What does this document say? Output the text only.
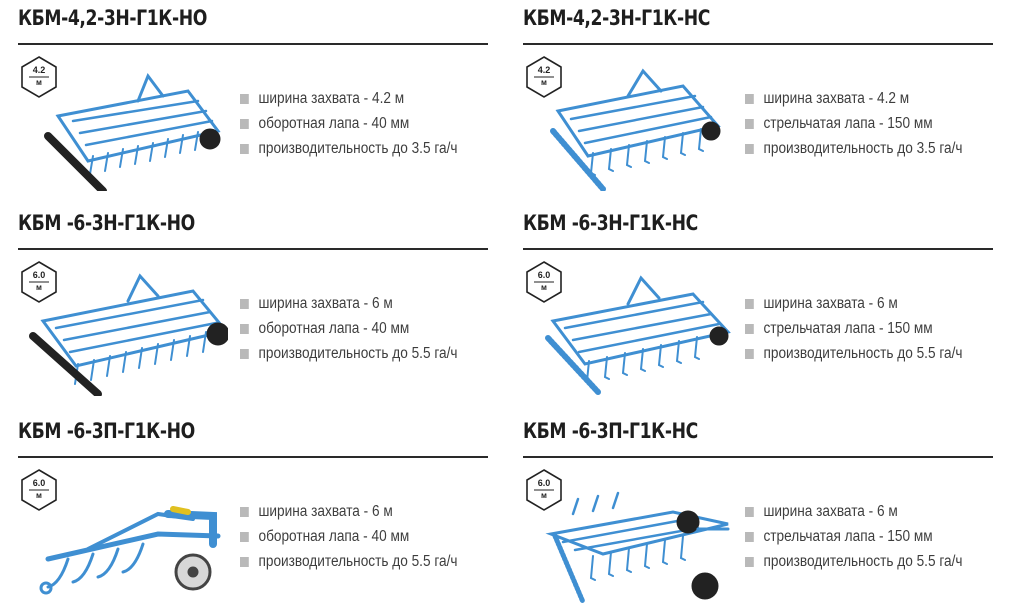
КБМ-4,2-3Н-Г1К-НО
4.2
м
ширина захвата - 4.2 м
оборотная лапа - 40 мм
производительность до 3.5 га/ч
КБМ-4,2-3Н-Г1К-НС
4.2
м
ширина захвата - 4.2 м
стрельчатая лапа - 150 мм
производительность до 3.5 га/ч
КБМ -6-3Н-Г1К-НО
6.0
м
ширина захвата - 6 м
оборотная лапа - 40 мм
производительность до 5.5 га/ч
КБМ -6-3Н-Г1К-НС
6.0
м
ширина захвата - 6 м
стрельчатая лапа - 150 мм
производительность до 5.5 га/ч
КБМ -6-3П-Г1К-НО
6.0
м
ширина захвата - 6 м
оборотная лапа - 40 мм
производительность до 5.5 га/ч
КБМ -6-3П-Г1К-НС
6.0
м
ширина захвата - 6 м
стрельчатая лапа - 150 мм
производительность до 5.5 га/ч
